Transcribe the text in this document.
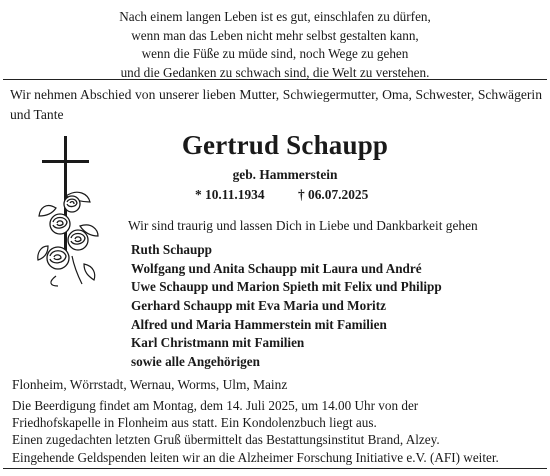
Nach einem langen Leben ist es gut, einschlafen zu dürfen,
wenn man das Leben nicht mehr selbst gestalten kann,
wenn die Füße zu müde sind, noch Wege zu gehen
und die Gedanken zu schwach sind, die Welt zu verstehen.
Wir nehmen Abschied von unserer lieben Mutter, Schwiegermutter, Oma, Schwester, Schwägerin und Tante
Gertrud Schaupp
geb. Hammerstein
* 10.11.1934 † 06.07.2025
Wir sind traurig und lassen Dich in Liebe und Dankbarkeit gehen
Ruth Schaupp
Wolfgang und Anita Schaupp mit Laura und André
Uwe Schaupp und Marion Spieth mit Felix und Philipp
Gerhard Schaupp mit Eva Maria und Moritz
Alfred und Maria Hammerstein mit Familien
Karl Christmann mit Familien
sowie alle Angehörigen
Flonheim, Wörrstadt, Wernau, Worms, Ulm, Mainz
Die Beerdigung findet am Montag, dem 14. Juli 2025, um 14.00 Uhr von der
Friedhofskapelle in Flonheim aus statt. Ein Kondolenzbuch liegt aus.
Einen zugedachten letzten Gruß übermittelt das Bestattungsinstitut Brand, Alzey.
Eingehende Geldspenden leiten wir an die Alzheimer Forschung Initiative e.V. (AFI) weiter.
